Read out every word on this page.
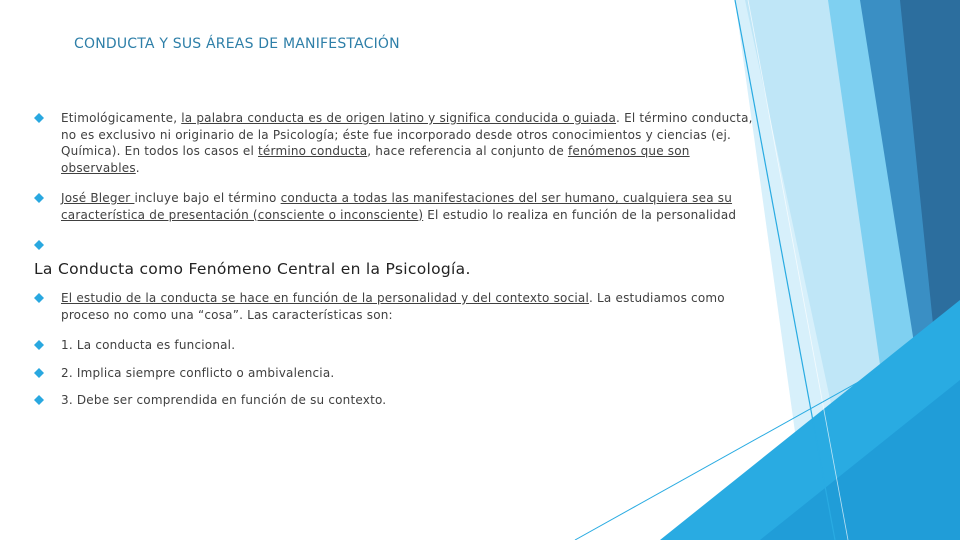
CONDUCTA Y SUS ÁREAS DE MANIFESTACIÓN
Etimológicamente, la palabra conducta es de origen latino y significa conducida o guiada. El término conducta, no es exclusivo ni originario de la Psicología; éste fue incorporado desde otros conocimientos y ciencias (ej. Química). En todos los casos el término conducta, hace referencia al conjunto de fenómenos que son observables.
José Bleger incluye bajo el término conducta a todas las manifestaciones del ser humano, cualquiera sea su característica de presentación (consciente o inconsciente) El estudio lo realiza en función de la personalidad
La Conducta como Fenómeno Central en la Psicología.
El estudio de la conducta se hace en función de la personalidad y del contexto social. La estudiamos como proceso no como una “cosa”. Las características son:
1. La conducta es funcional.
2. Implica siempre conflicto o ambivalencia.
3. Debe ser comprendida en función de su contexto.
